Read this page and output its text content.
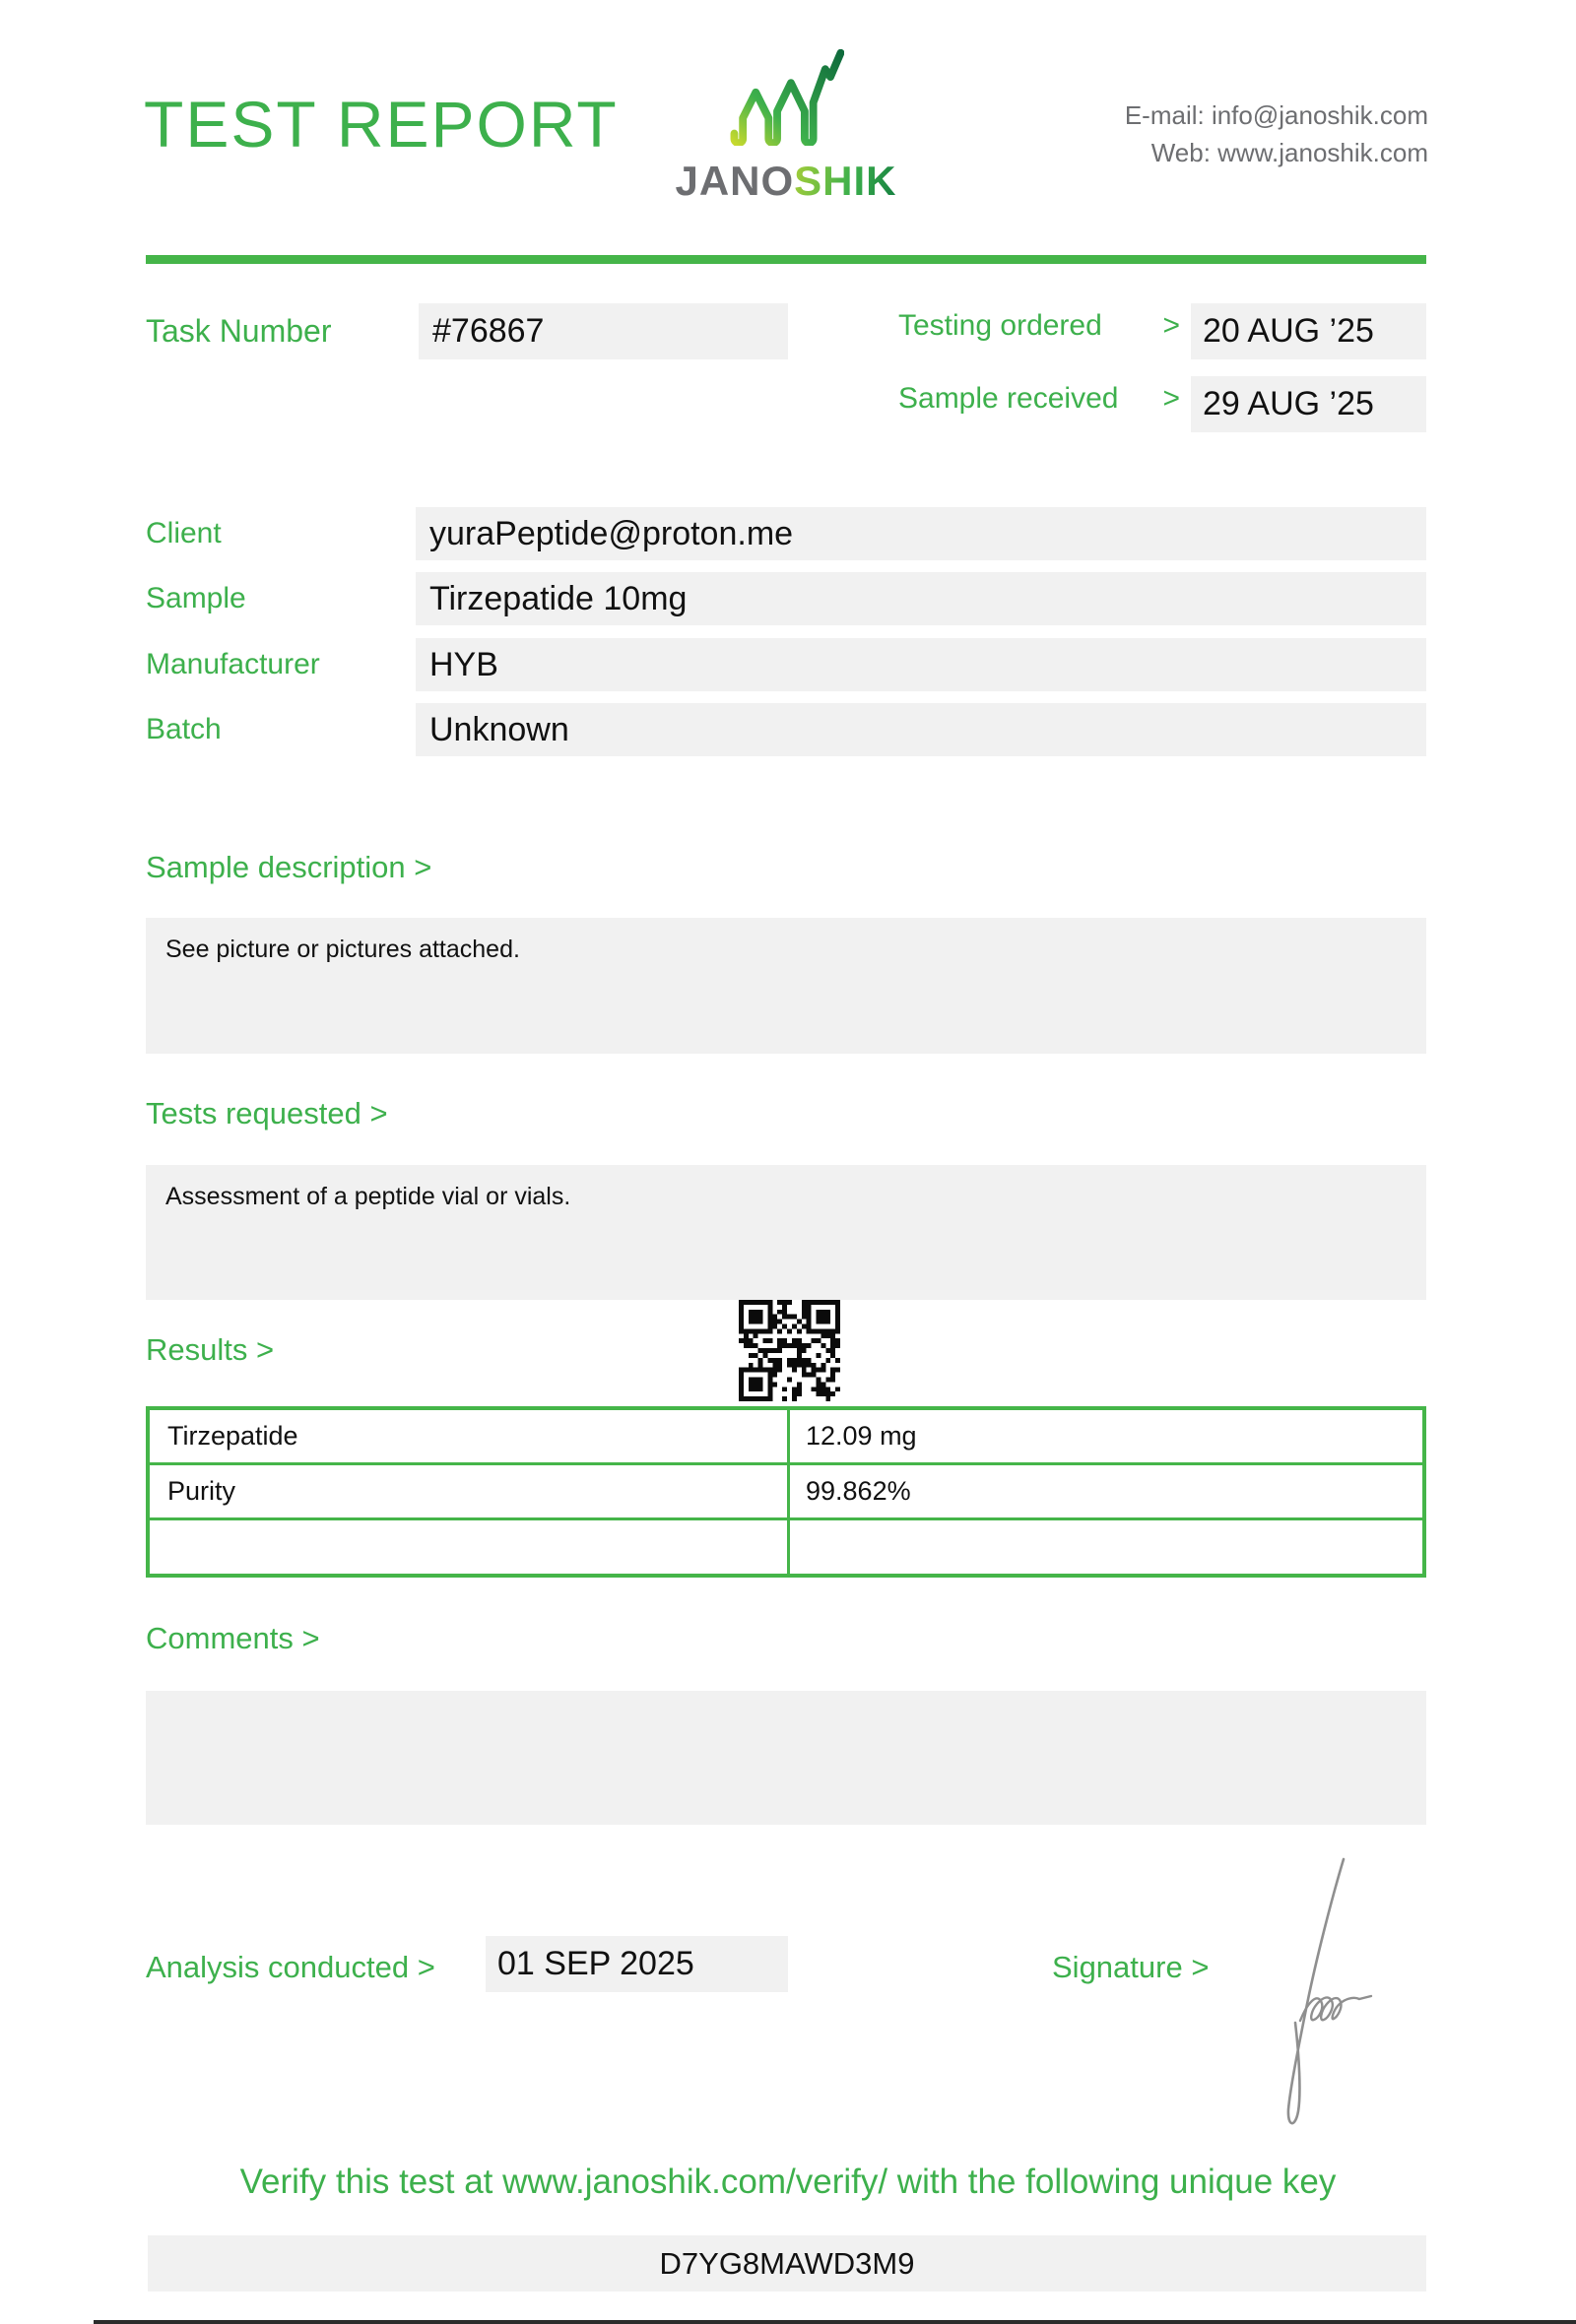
TEST REPORT
JANOSHIK
E-mail: info@janoshik.com
Web: www.janoshik.com
Task Number	#76867	Testing ordered > 20 AUG ’25
Sample received > 29 AUG ’25
Client	yuraPeptide@proton.me
Sample	Tirzepatide 10mg
Manufacturer	HYB
Batch	Unknown
Sample description >
See picture or pictures attached.
Tests requested >
Assessment of a peptide vial or vials.
Results >
Tirzepatide	12.09 mg
Purity	99.862%
Comments >
Analysis conducted >	01 SEP 2025	Signature >
Verify this test at www.janoshik.com/verify/ with the following unique key
D7YG8MAWD3M9
